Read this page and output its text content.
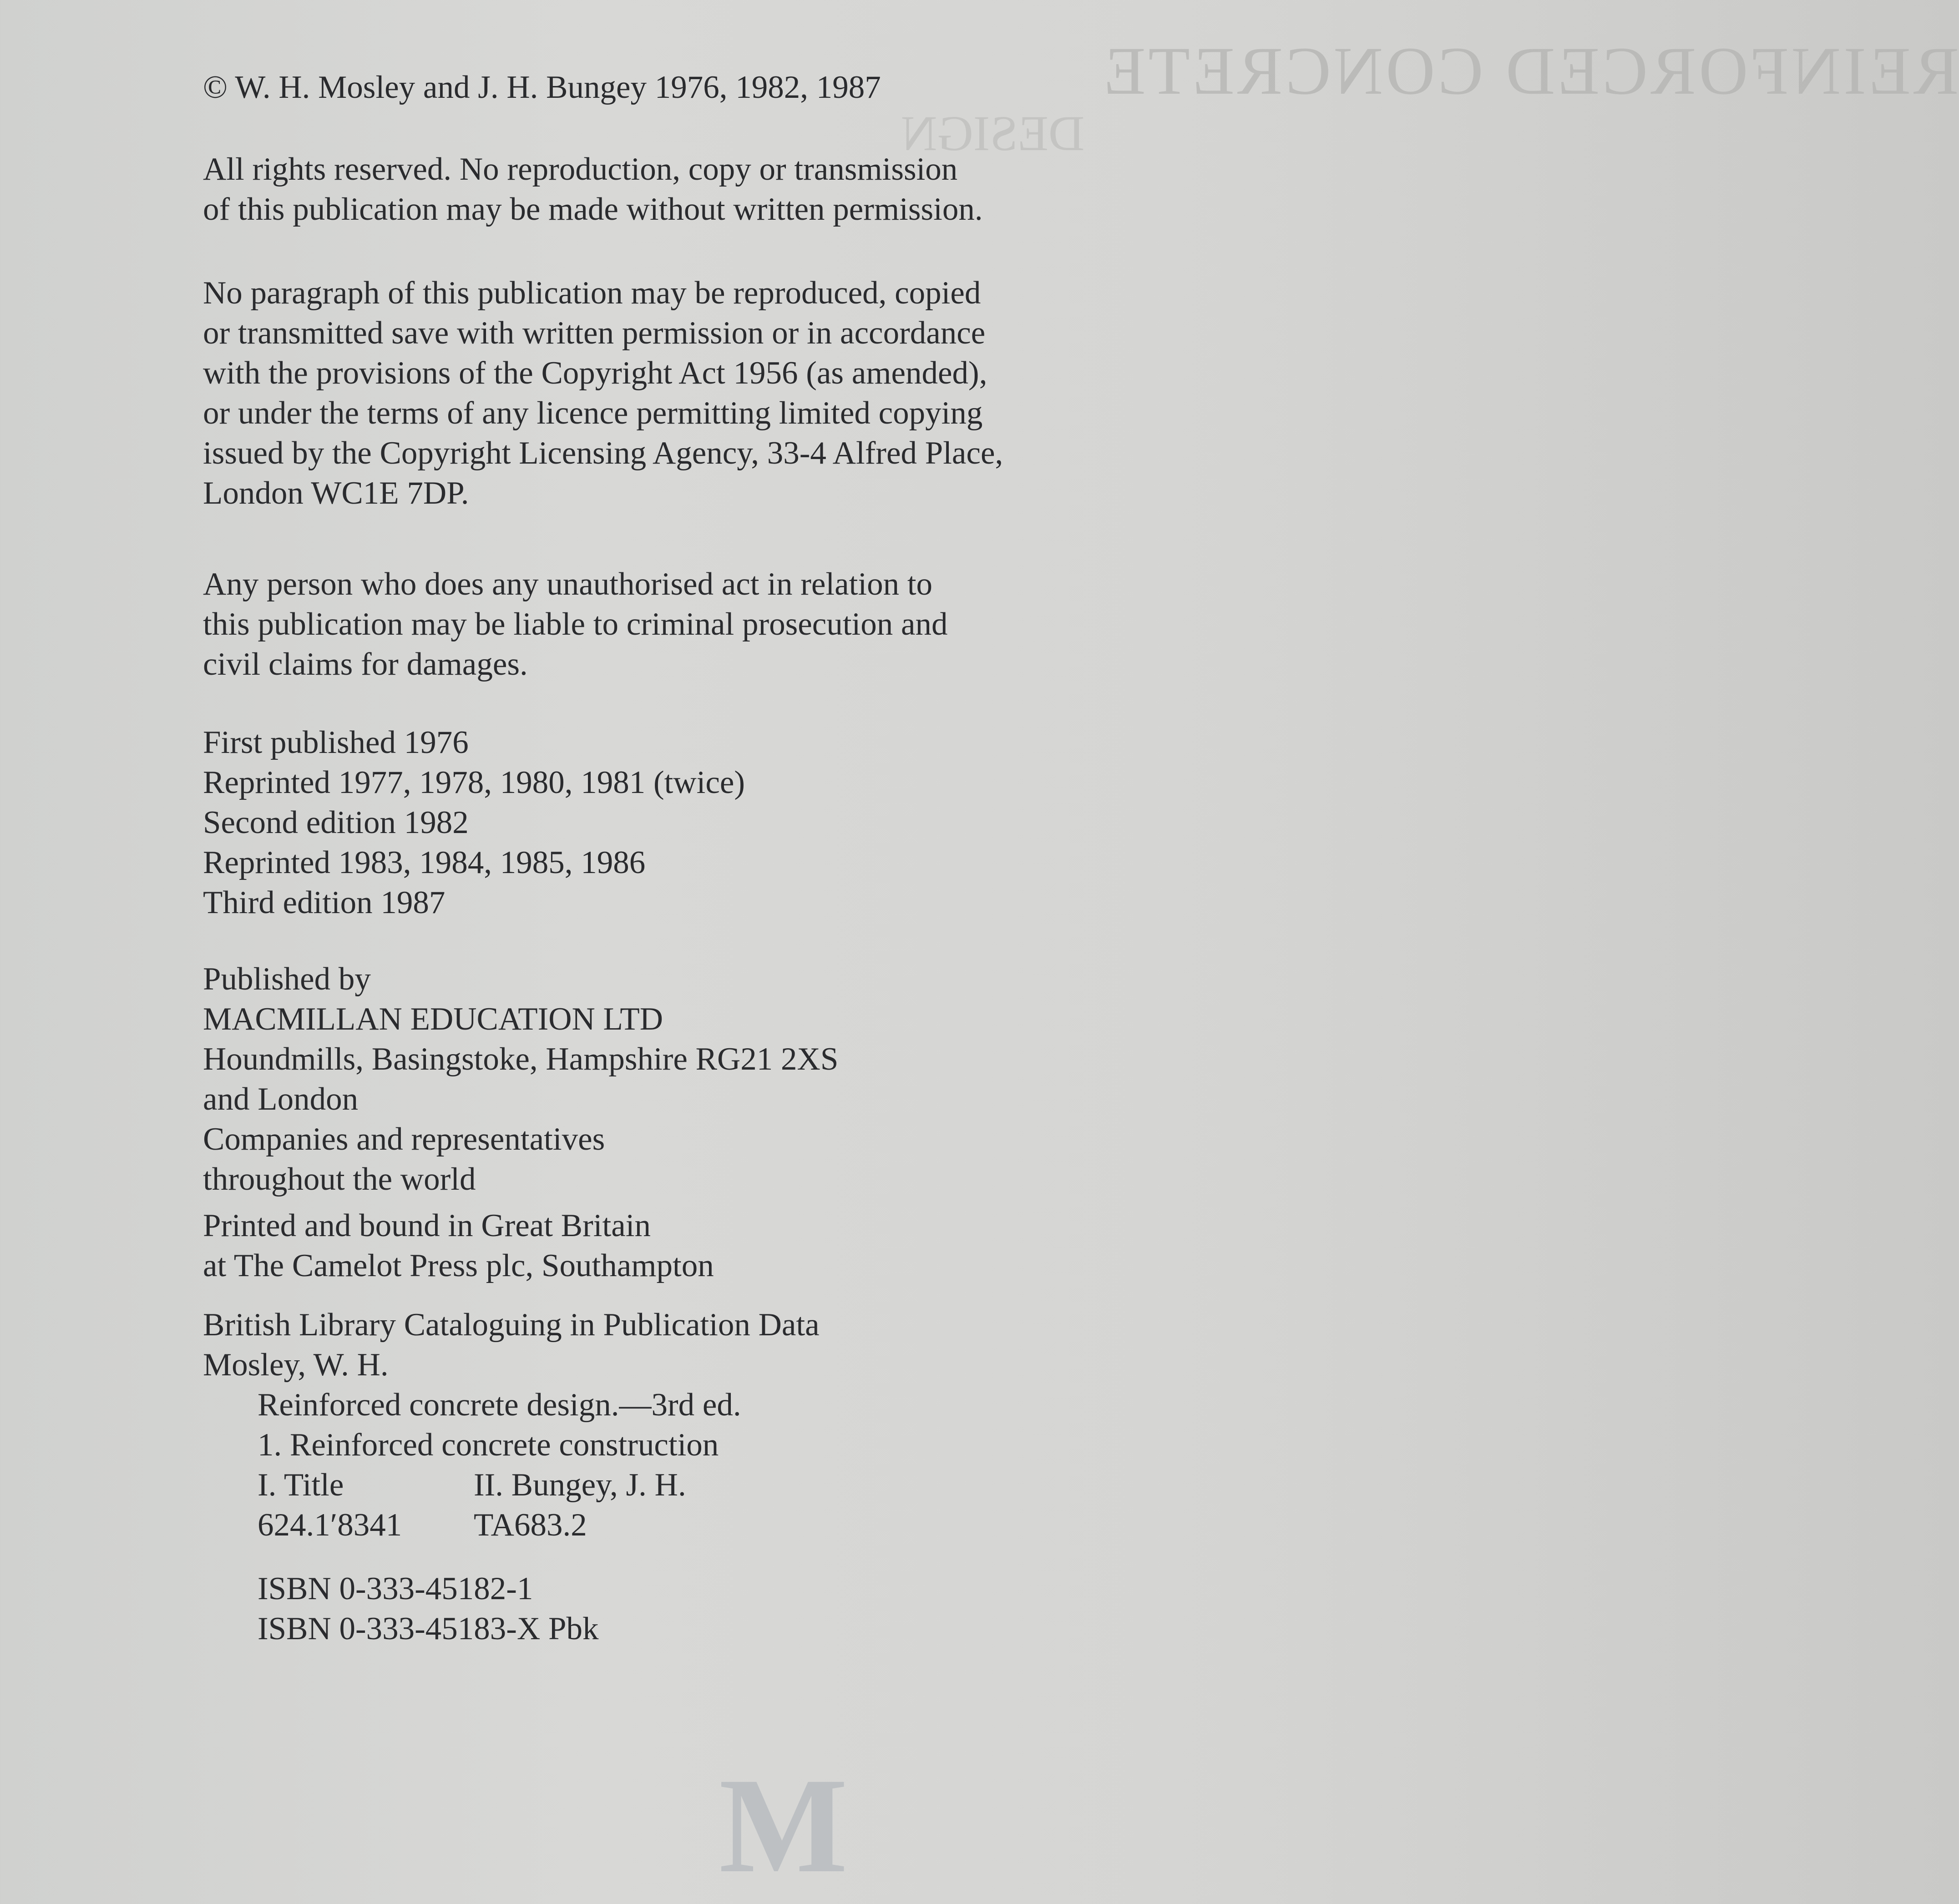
REINFORCED CONCRETE
DESIGN
M
© W. H. Mosley and J. H. Bungey 1976, 1982, 1987
All rights reserved. No reproduction, copy or transmission
of this publication may be made without written permission.
No paragraph of this publication may be reproduced, copied
or transmitted save with written permission or in accordance
with the provisions of the Copyright Act 1956 (as amended),
or under the terms of any licence permitting limited copying
issued by the Copyright Licensing Agency, 33-4 Alfred Place,
London WC1E 7DP.
Any person who does any unauthorised act in relation to
this publication may be liable to criminal prosecution and
civil claims for damages.
First published 1976
Reprinted 1977, 1978, 1980, 1981 (twice)
Second edition 1982
Reprinted 1983, 1984, 1985, 1986
Third edition 1987
Published by
MACMILLAN EDUCATION LTD
Houndmills, Basingstoke, Hampshire RG21 2XS
and London
Companies and representatives
throughout the world
Printed and bound in Great Britain
at The Camelot Press plc, Southampton
British Library Cataloguing in Publication Data
Mosley, W. H.
Reinforced concrete design.—3rd ed.
1. Reinforced concrete construction
I. Title	II. Bungey, J. H.
624.1′8341 TA683.2
ISBN 0-333-45182-1
ISBN 0-333-45183-X Pbk
